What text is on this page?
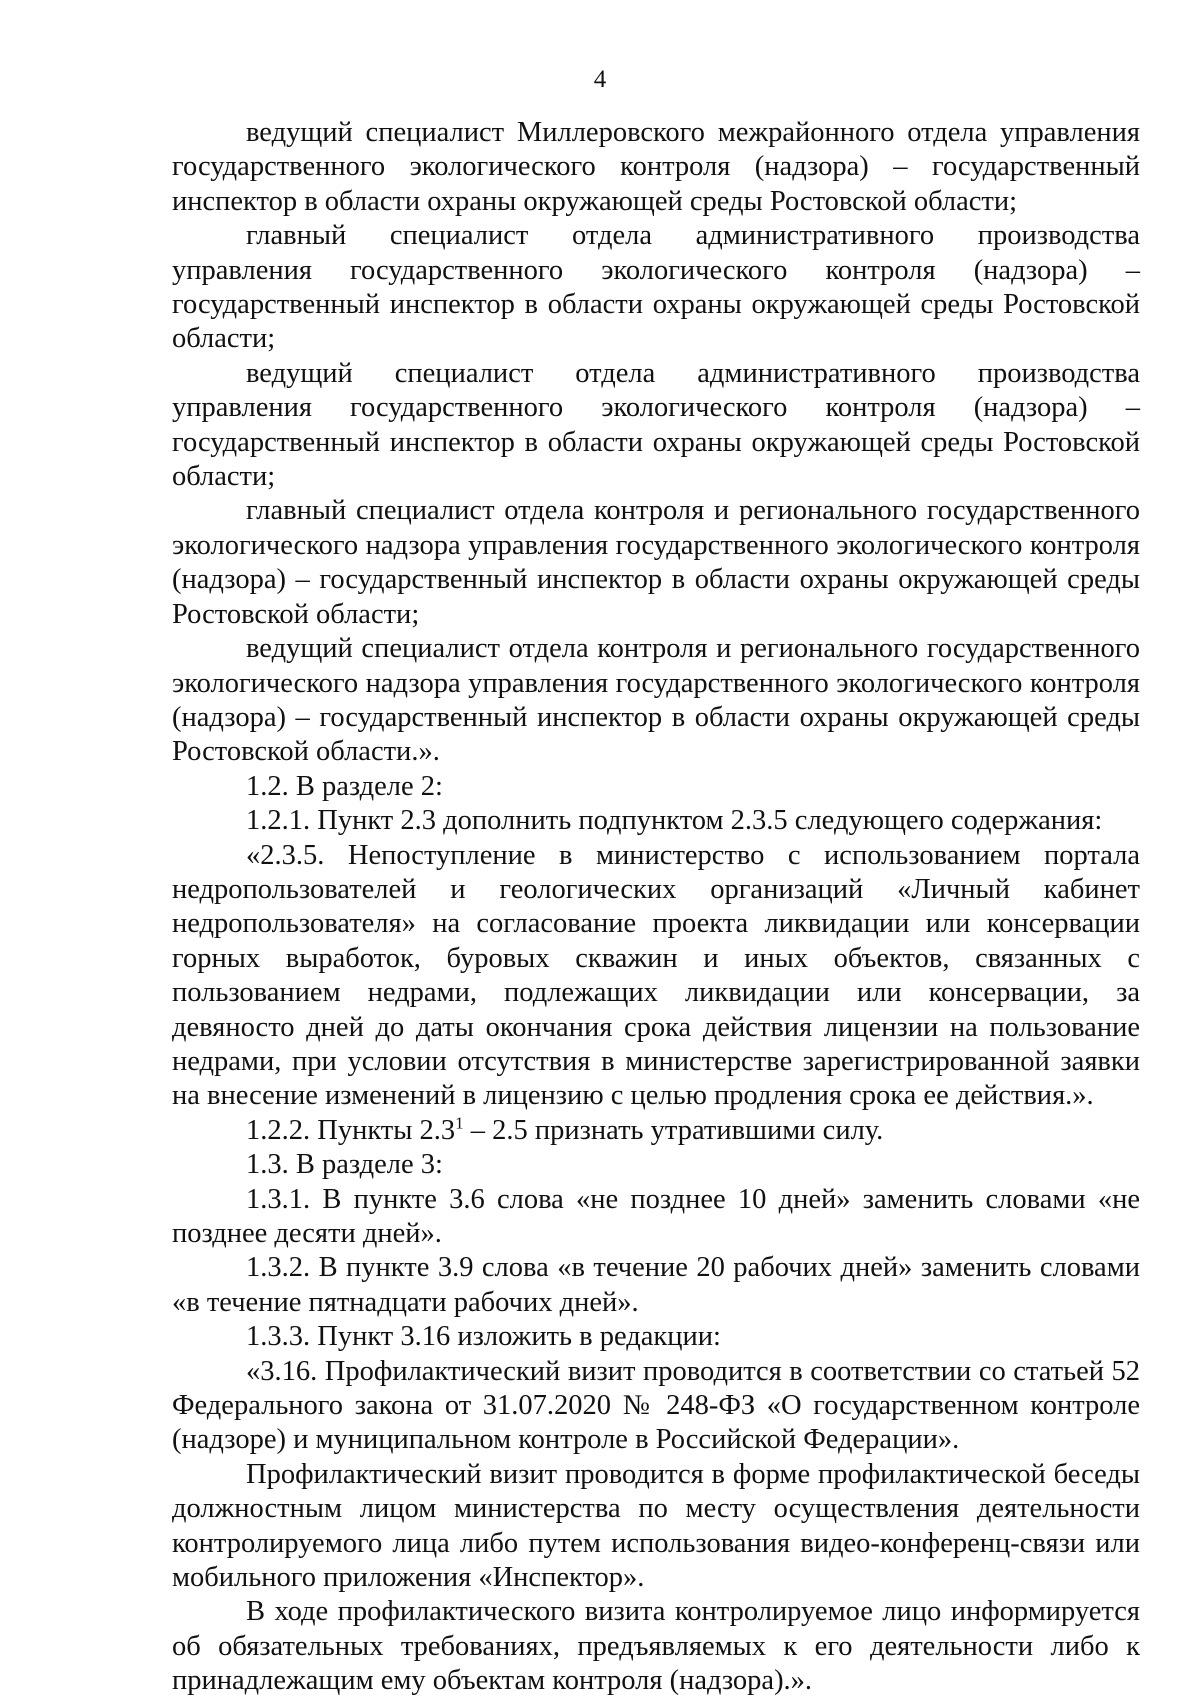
4

ведущий специалист Миллеровского межрайонного отдела управления государственного экологического контроля (надзора) – государственный инспектор в области охраны окружающей среды Ростовской области;

главный специалист отдела административного производства управления государственного экологического контроля (надзора) – государственный инспектор в области охраны окружающей среды Ростовской области;

ведущий специалист отдела административного производства управления государственного экологического контроля (надзора) – государственный инспектор в области охраны окружающей среды Ростовской области;

главный специалист отдела контроля и регионального государственного экологического надзора управления государственного экологического контроля (надзора) – государственный инспектор в области охраны окружающей среды Ростовской области;

ведущий специалист отдела контроля и регионального государственного экологического надзора управления государственного экологического контроля (надзора) – государственный инспектор в области охраны окружающей среды Ростовской области.».

1.2. В разделе 2:

1.2.1. Пункт 2.3 дополнить подпунктом 2.3.5 следующего содержания:

«2.3.5. Непоступление в министерство с использованием портала недропользователей и геологических организаций «Личный кабинет недропользователя» на согласование проекта ликвидации или консервации горных выработок, буровых скважин и иных объектов, связанных с пользованием недрами, подлежащих ликвидации или консервации, за девяносто дней до даты окончания срока действия лицензии на пользование недрами, при условии отсутствия в министерстве зарегистрированной заявки на внесение изменений в лицензию с целью продления срока ее действия.».

1.2.2. Пункты $2.3^1 - 2.5$ признать утратившими силу.

1.3. В разделе 3:

1.3.1. В пункте 3.6 слова «не позднее 10 дней» заменить словами «не позднее десяти дней».

1.3.2. В пункте 3.9 слова «в течение 20 рабочих дней» заменить словами «в течение пятнадцати рабочих дней».

1.3.3. Пункт 3.16 изложить в редакции:

«3.16. Профилактический визит проводится в соответствии со статьей 52 Федерального закона от 31.07.2020 № 248-ФЗ «О государственном контроле (надзоре) и муниципальном контроле в Российской Федерации».

Профилактический визит проводится в форме профилактической беседы должностным лицом министерства по месту осуществления деятельности контролируемого лица либо путем использования видео-конференц-связи или мобильного приложения «Инспектор».

В ходе профилактического визита контролируемое лицо информируется об обязательных требованиях, предъявляемых к его деятельности либо к принадлежащим ему объектам контроля (надзора).».
